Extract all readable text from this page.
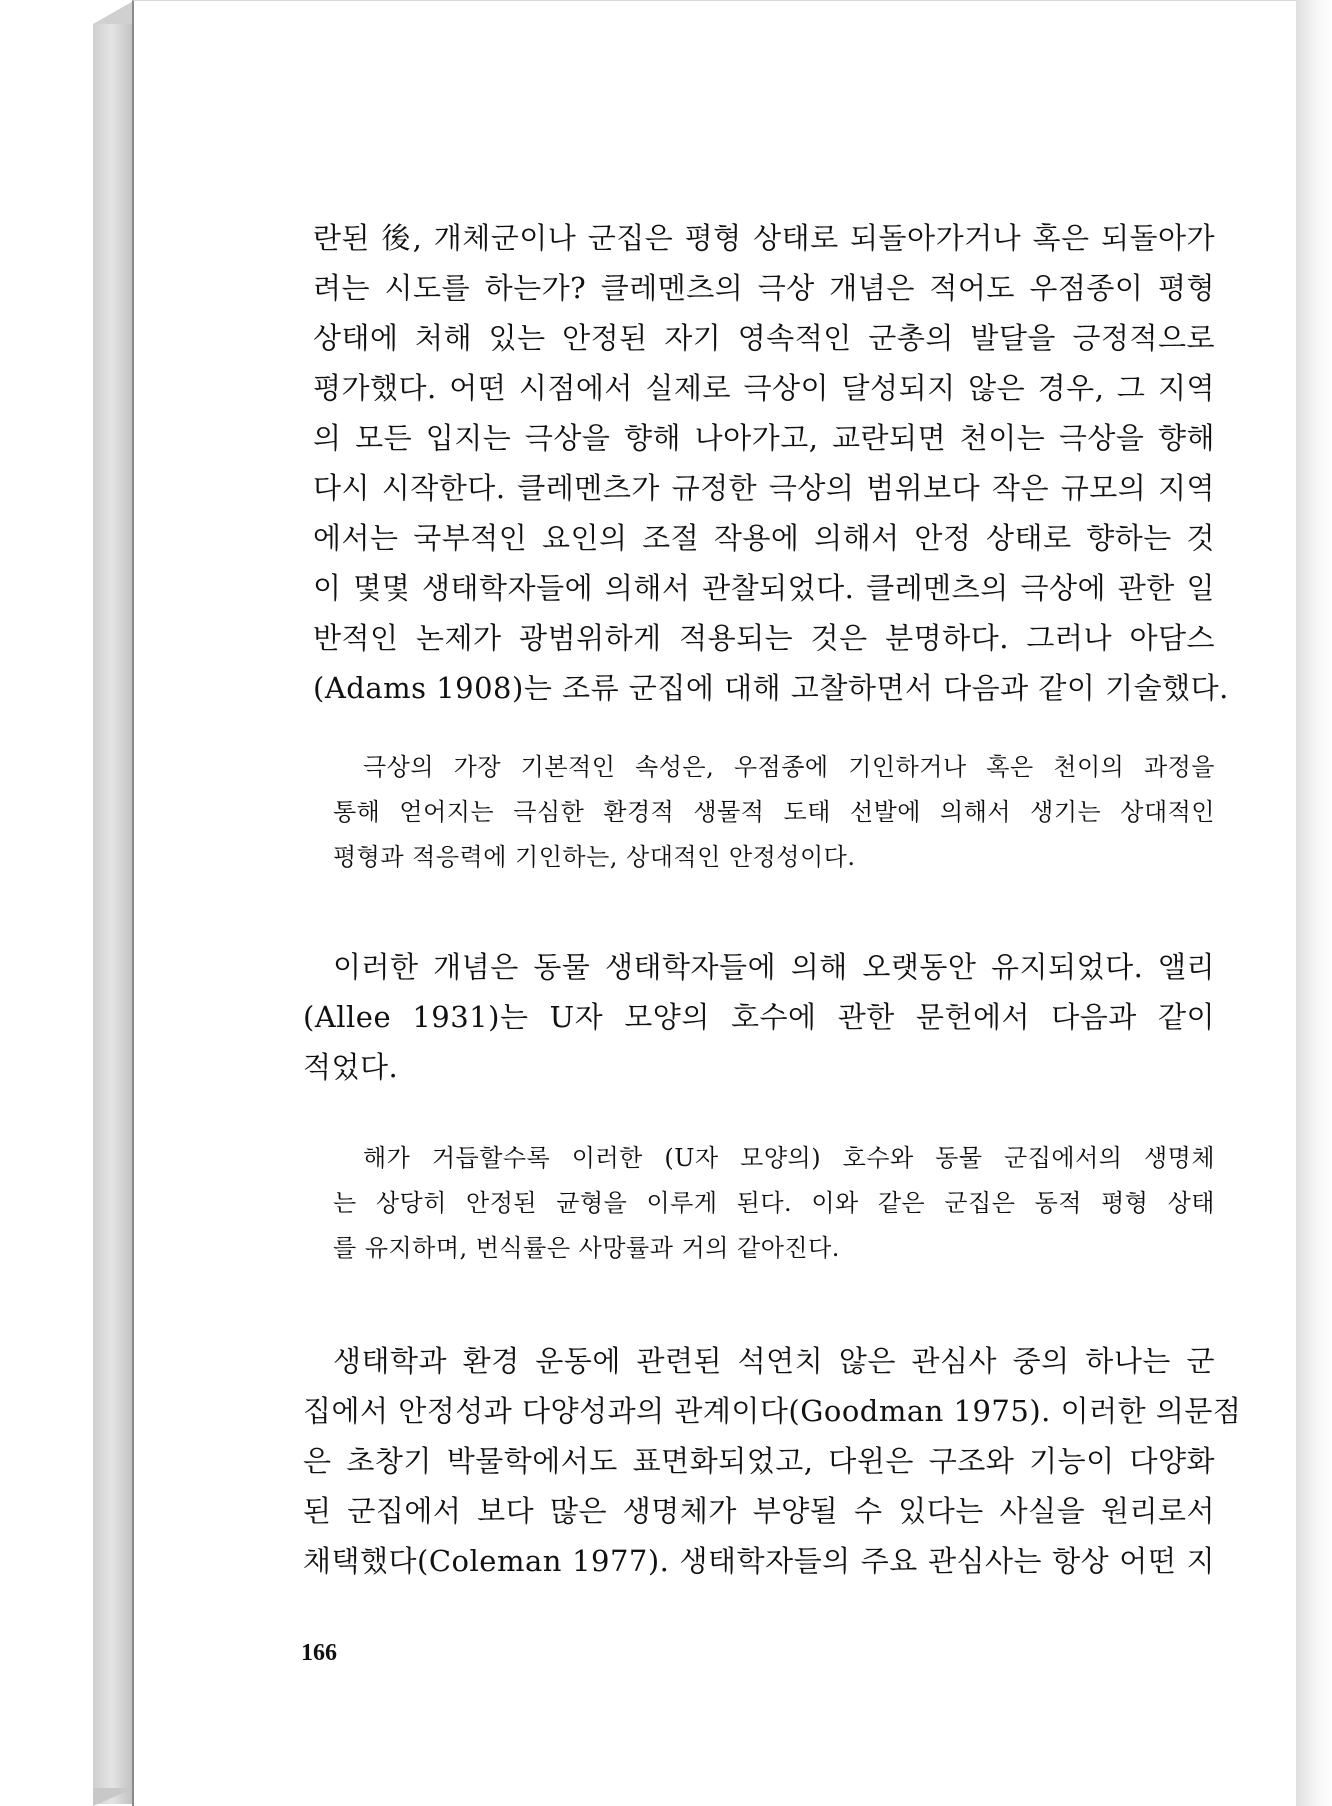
란된 後, 개체군이나 군집은 평형 상태로 되돌아가거나 혹은 되돌아가
려는 시도를 하는가? 클레멘츠의 극상 개념은 적어도 우점종이 평형
상태에 처해 있는 안정된 자기 영속적인 군총의 발달을 긍정적으로
평가했다. 어떤 시점에서 실제로 극상이 달성되지 않은 경우, 그 지역
의 모든 입지는 극상을 향해 나아가고, 교란되면 천이는 극상을 향해
다시 시작한다. 클레멘츠가 규정한 극상의 범위보다 작은 규모의 지역
에서는 국부적인 요인의 조절 작용에 의해서 안정 상태로 향하는 것
이 몇몇 생태학자들에 의해서 관찰되었다. 클레멘츠의 극상에 관한 일
반적인 논제가 광범위하게 적용되는 것은 분명하다. 그러나 아담스
(Adams 1908)는 조류 군집에 대해 고찰하면서 다음과 같이 기술했다.

극상의 가장 기본적인 속성은, 우점종에 기인하거나 혹은 천이의 과정을
통해 얻어지는 극심한 환경적 생물적 도태 선발에 의해서 생기는 상대적인
평형과 적응력에 기인하는, 상대적인 안정성이다.

이러한 개념은 동물 생태학자들에 의해 오랫동안 유지되었다. 앨리
(Allee 1931)는 U자 모양의 호수에 관한 문헌에서 다음과 같이
적었다.

해가 거듭할수록 이러한 (U자 모양의) 호수와 동물 군집에서의 생명체
는 상당히 안정된 균형을 이루게 된다. 이와 같은 군집은 동적 평형 상태
를 유지하며, 번식률은 사망률과 거의 같아진다.

생태학과 환경 운동에 관련된 석연치 않은 관심사 중의 하나는 군
집에서 안정성과 다양성과의 관계이다(Goodman 1975). 이러한 의문점
은 초창기 박물학에서도 표면화되었고, 다윈은 구조와 기능이 다양화
된 군집에서 보다 많은 생명체가 부양될 수 있다는 사실을 원리로서
채택했다(Coleman 1977). 생태학자들의 주요 관심사는 항상 어떤 지

166
